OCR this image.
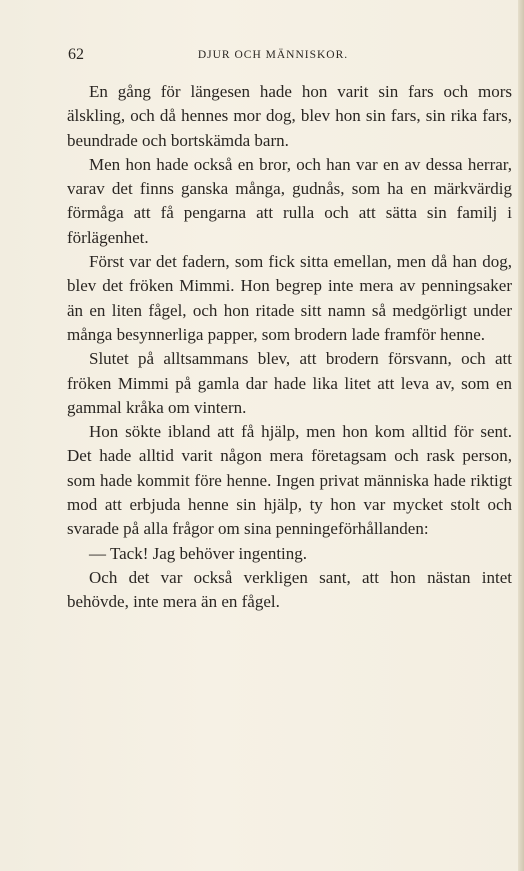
62	DJUR OCH MÄNNISKOR.

En gång för längesen hade hon varit sin fars och mors älskling, och då hennes mor dog, blev hon sin fars, sin rika fars, beundrade och bortskämda barn.

Men hon hade också en bror, och han var en av dessa herrar, varav det finns ganska många, gudnås, som ha en märkvärdig förmåga att få pengarna att rulla och att sätta sin familj i förlägenhet.

Först var det fadern, som fick sitta emellan, men då han dog, blev det fröken Mimmi. Hon begrep inte mera av penningsaker än en liten fågel, och hon ritade sitt namn så medgörligt under många besynnerliga papper, som brodern lade framför henne.

Slutet på alltsammans blev, att brodern försvann, och att fröken Mimmi på gamla dar hade lika litet att leva av, som en gammal kråka om vintern.

Hon sökte ibland att få hjälp, men hon kom alltid för sent. Det hade alltid varit någon mera företagsam och rask person, som hade kommit före henne. Ingen privat människa hade riktigt mod att erbjuda henne sin hjälp, ty hon var mycket stolt och svarade på alla frågor om sina penningeförhållanden:

— Tack! Jag behöver ingenting.

Och det var också verkligen sant, att hon nästan intet behövde, inte mera än en fågel.
